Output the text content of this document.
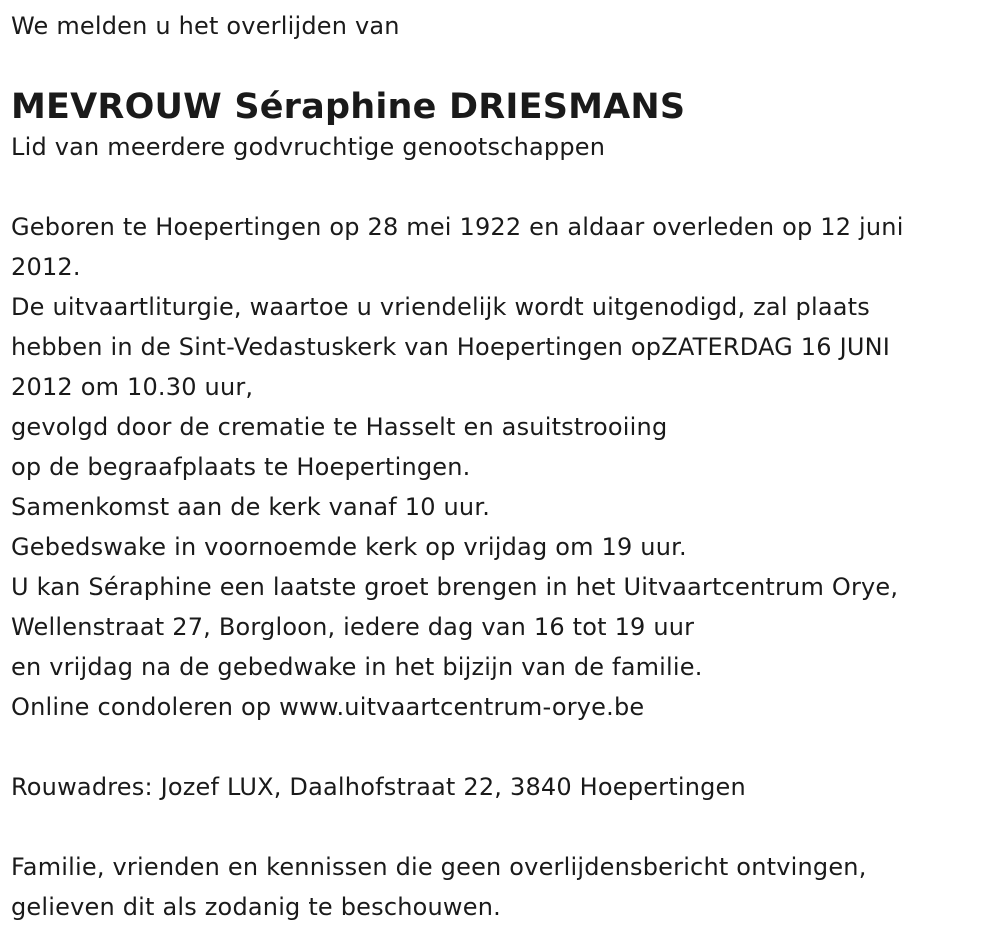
We melden u het overlijden van
MEVROUW Séraphine DRIESMANS
Lid van meerdere godvruchtige genootschappen
Geboren te Hoepertingen op 28 mei 1922 en aldaar overleden op 12 juni
2012.
De uitvaartliturgie, waartoe u vriendelijk wordt uitgenodigd, zal plaats
hebben in de Sint-Vedastuskerk van Hoepertingen opZATERDAG 16 JUNI
2012 om 10.30 uur,
gevolgd door de crematie te Hasselt en asuitstrooiing
op de begraafplaats te Hoepertingen.
Samenkomst aan de kerk vanaf 10 uur.
Gebedswake in voornoemde kerk op vrijdag om 19 uur.
U kan Séraphine een laatste groet brengen in het Uitvaartcentrum Orye,
Wellenstraat 27, Borgloon, iedere dag van 16 tot 19 uur
en vrijdag na de gebedwake in het bijzijn van de familie.
Online condoleren op www.uitvaartcentrum-orye.be
Rouwadres: Jozef LUX, Daalhofstraat 22, 3840 Hoepertingen
Familie, vrienden en kennissen die geen overlijdensbericht ontvingen,
gelieven dit als zodanig te beschouwen.
